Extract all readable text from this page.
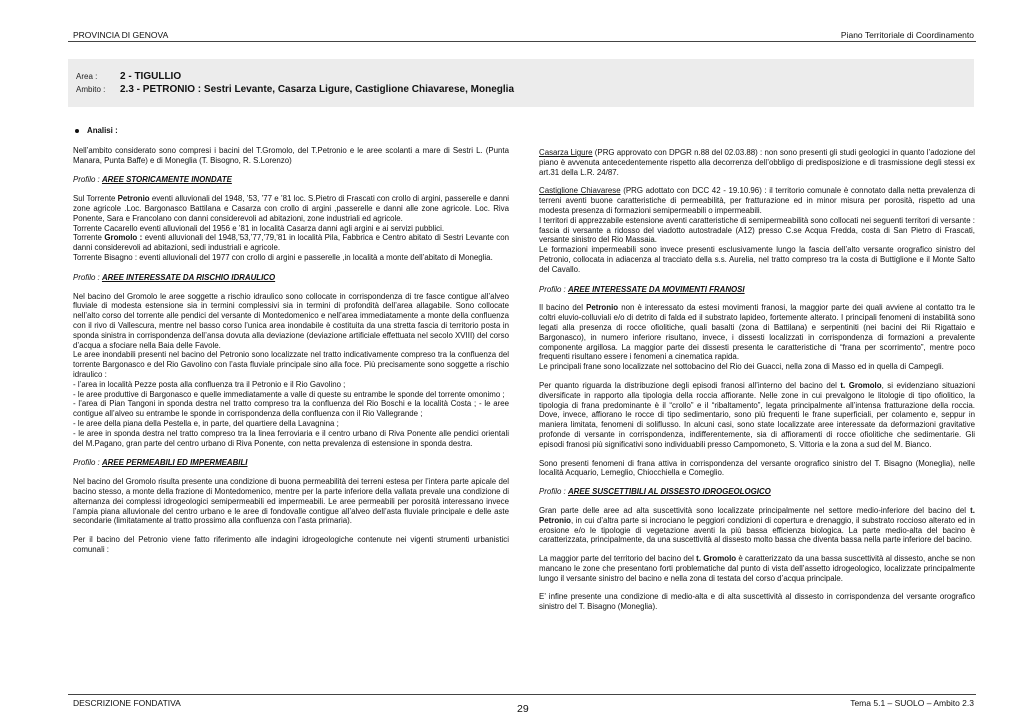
PROVINCIA DI GENOVA	Piano Territoriale di Coordinamento
Area :	2 - TIGULLIO
Ambito :	2.3 - PETRONIO : Sestri Levante, Casarza Ligure, Castiglione Chiavarese, Moneglia
Analisi :

Nell’ambito considerato sono compresi i bacini del T.Gromolo, del T.Petronio e le aree scolanti a mare di Sestri L. (Punta Manara, Punta Baffe) e di Moneglia (T. Bisogno, R. S.Lorenzo)

Profilo : AREE STORICAMENTE INONDATE

Sul Torrente Petronio eventi alluvionali del 1948, ’53, ’77 e ’81 loc. S.Pietro di Frascati con crollo di argini, passerelle e danni zone agricole .Loc. Bargonasco Battilana e Casarza con crollo di argini ,passerelle e danni alle zone agricole. Loc. Riva Ponente, Sara e Francolano con danni considerevoli ad abitazioni, zone industriali ed agricole.

Torrente Cacarello eventi alluvionali del 1956 e ’81 in località Casarza danni agli argini e ai servizi pubblici.

Torrente Gromolo : eventi alluvionali del 1948,’53,’77,’79,’81 in località Pila, Fabbrica e Centro abitato di Sestri Levante con danni considerevoli ad abitazioni, sedi industriali e agricole.

Torrente Bisagno : eventi alluvionali del 1977 con crollo di argini e passerelle ,in località a monte dell’abitato di Moneglia.

Profilo : AREE INTERESSATE DA RISCHIO IDRAULICO

Nel bacino del Gromolo le aree soggette a rischio idraulico sono collocate in corrispondenza di tre fasce contigue all’alveo fluviale di modesta estensione sia in termini complessivi sia in termini di profondità dell’area allagabile. Sono collocate nell’alto corso del torrente alle pendici del versante di Montedomenico e nell’area immediatamente a monte della confluenza con il rivo di Vallescura, mentre nel basso corso l’unica area inondabile è costituita da una stretta fascia di territorio posta in sponda sinistra in corrispondenza dell’ansa dovuta alla deviazione (deviazione artificiale effettuata nel secolo XVIII) del corso d’acqua a sfociare nella Baia delle Favole.

Le aree inondabili presenti nel bacino del Petronio sono localizzate nel tratto indicativamente compreso tra la confluenza del torrente Bargonasco e del Rio Gavolino con l’asta fluviale principale sino alla foce. Più precisamente sono soggette a rischio idraulico :

- l’area in località Pezze posta alla confluenza tra il Petronio e il Rio Gavolino ;

- le aree produttive di Bargonasco e quelle immediatamente a valle di queste su entrambe le sponde del torrente omonimo ;

- l’area di Pian Tangoni in sponda destra nel tratto compreso tra la confluenza del Rio Boschi e la località Costa ; - le aree contigue all’alveo su entrambe le sponde in corrispondenza della confluenza con il Rio Vallegrande ;

- le aree della piana della Pestella e, in parte, del quartiere della Lavagnina ;

- le aree in sponda destra nel tratto compreso tra la linea ferroviaria e il centro urbano di Riva Ponente alle pendici orientali del M.Pagano, gran parte del centro urbano di Riva Ponente, con netta prevalenza di estensione in sponda destra.

Profilo : AREE PERMEABILI ED IMPERMEABILI

Nel bacino del Gromolo risulta presente una condizione di buona permeabilità dei terreni estesa per l’intera parte apicale del bacino stesso, a monte della frazione di Montedomenico, mentre per la parte inferiore della vallata prevale una condizione di alternanza dei complessi idrogeologici semipermeabili ed impermeabili. Le aree permeabili per porosità interessano invece l’ampia piana alluvionale del centro urbano e le aree di fondovalle contigue all’alveo dell’asta fluviale principale e delle aste secondarie (limitatamente al tratto prossimo alla confluenza con l’asta primaria).

Per il bacino del Petronio viene fatto riferimento alle indagini idrogeologiche contenute nei vigenti strumenti urbanistici comunali :

Casarza Ligure (PRG approvato con DPGR n.88 del 02.03.88) : non sono presenti gli studi geologici in quanto l’adozione del piano è avvenuta antecedentemente rispetto alla decorrenza dell’obbligo di predisposizione e di trasmissione degli stessi ex art.31 della L.R. 24/87.

Castiglione Chiavarese (PRG adottato con DCC 42 - 19.10.96) : il territorio comunale è connotato dalla netta prevalenza di terreni aventi buone caratteristiche di permeabilità, per fratturazione ed in minor misura per porosità, rispetto ad una modesta presenza di formazioni semipermeabili o impermeabili.

I territori di apprezzabile estensione aventi caratteristiche di semipermeabilità sono collocati nei seguenti territori di versante : fascia di versante a ridosso del viadotto autostradale (A12) presso C.se Acqua Fredda, costa di San Pietro di Frascati, versante sinistro del Rio Massaia.

Le formazioni impermeabili sono invece presenti esclusivamente lungo la fascia dell’alto versante orografico sinistro del Petronio, collocata in adiacenza al tracciato della s.s. Aurelia, nel tratto compreso tra la costa di Buttiglione e il Monte Salto del Cavallo.

Profilo : AREE INTERESSATE DA MOVIMENTI FRANOSI

Il bacino del Petronio non è interessato da estesi movimenti franosi, la maggior parte dei quali avviene al contatto tra le coltri eluvio-colluviali e/o di detrito di falda ed il substrato lapideo, fortemente alterato. I principali fenomeni di instabilità sono legati alla presenza di rocce ofiolitiche, quali basalti (zona di Battilana) e serpentiniti (nei bacini dei Rii Rigattaio e Bargonasco), in numero inferiore risultano, invece, i dissesti localizzati in corrispondenza di formazioni a prevalente componente argillosa. La maggior parte dei dissesti presenta le caratteristiche di “frana per scorrimento”, mentre poco frequenti risultano essere i fenomeni a cinematica rapida.

Le principali frane sono localizzate nel sottobacino del Rio dei Guacci, nella zona di Masso ed in quella di Campegli.

Per quanto riguarda la distribuzione degli episodi franosi all’interno del bacino del t. Gromolo, si evidenziano situazioni diversificate in rapporto alla tipologia della roccia affiorante. Nelle zone in cui prevalgono le litologie di tipo ofiolitico, la tipologia di frana predominante è il “crollo” e il “ribaltamento”, legata principalmente all’intensa fratturazione della roccia. Dove, invece, affiorano le rocce di tipo sedimentario, sono più frequenti le frane superficiali, per colamento e, seppur in maniera limitata, fenomeni di soliflusso. In alcuni casi, sono state localizzate aree interessate da deformazioni gravitative profonde di versante in corrispondenza, indifferentemente, sia di affioramenti di rocce ofiolitiche che sedimentarie. Gli episodi franosi più significativi sono individuabili presso Campomoneto, S. Vittoria e la zona a sud del M. Bianco.

Sono presenti fenomeni di frana attiva in corrispondenza del versante orografico sinistro del T. Bisagno (Moneglia), nelle località Acquario, Lemeglio, Chiocchiella e Comeglio.

Profilo : AREE SUSCETTIBILI AL DISSESTO IDROGEOLOGICO

Gran parte delle aree ad alta suscettività sono localizzate principalmente nel settore medio-inferiore del bacino del t. Petronio, in cui d’altra parte si incrociano le peggiori condizioni di copertura e drenaggio, il substrato roccioso alterato ed in erosione e/o le tipologie di vegetazione aventi la più bassa efficienza biologica. La parte medio-alta del bacino è caratterizzata, principalmente, da una suscettività al dissesto molto bassa che diventa bassa nella parte inferiore del bacino.

La maggior parte del territorio del bacino del t. Gromolo è caratterizzato da una bassa suscettività al dissesto, anche se non mancano le zone che presentano forti problematiche dal punto di vista dell’assetto idrogeologico, localizzate principalmente lungo il versante sinistro del bacino e nella zona di testata del corso d’acqua principale.

E’ infine presente una condizione di medio-alta e di alta suscettività al dissesto in corrispondenza del versante orografico sinistro del T. Bisagno (Moneglia).

DESCRIZIONE FONDATIVA	29	Tema 5.1 – SUOLO – Ambito 2.3
